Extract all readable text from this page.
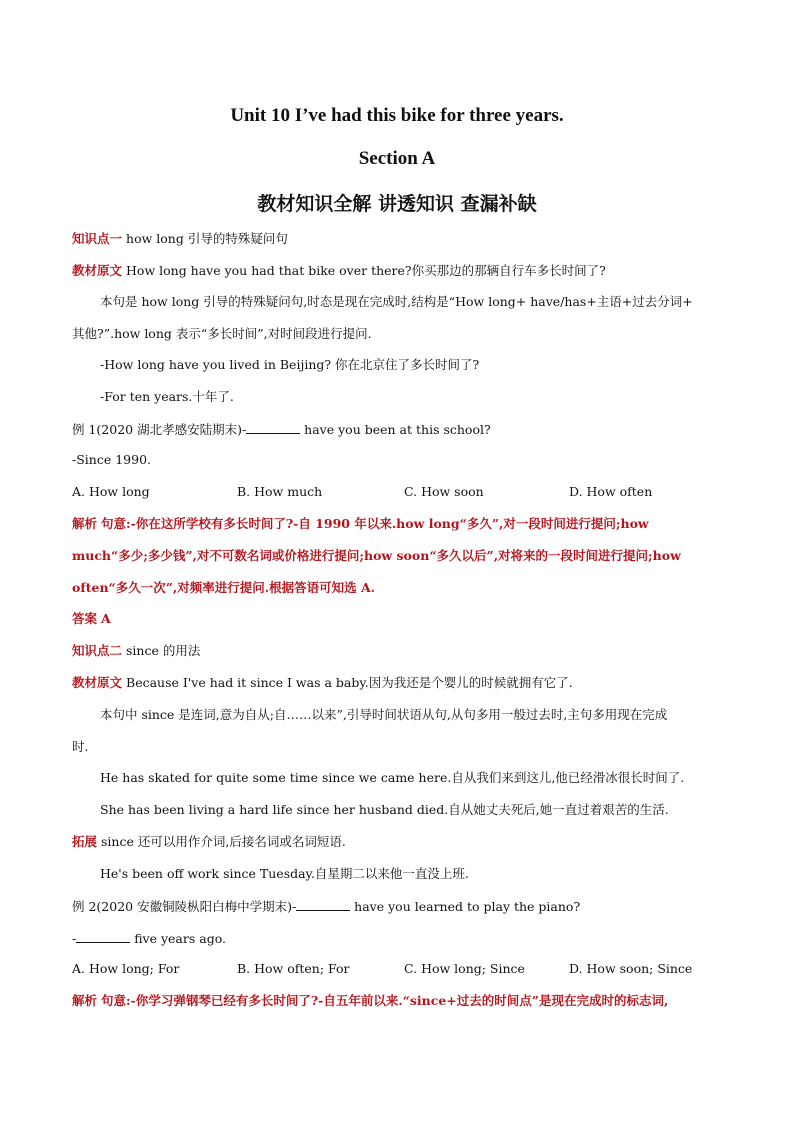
Unit 10 I’ve had this bike for three years.
Section A
教材知识全解 讲透知识 查漏补缺
知识点一 how long 引导的特殊疑问句
教材原文 How long have you had that bike over there?你买那边的那辆自行车多长时间了?
本句是 how long 引导的特殊疑问句,时态是现在完成时,结构是“How long+ have/has+主语+过去分词+
其他?”.how long 表示“多长时间”,对时间段进行提问.
-How long have you lived in Beijing? 你在北京住了多长时间了?
-For ten years.十年了.
例 1(2020 湖北孝感安陆期末)-	have you been at this school?
-Since 1990.
A. How long	B. How much	C. How soon	D. How often
解析 句意:-你在这所学校有多长时间了?-自 1990 年以来.how long“多久”,对一段时间进行提问;how
much“多少;多少钱”,对不可数名词或价格进行提问;how soon“多久以后”,对将来的一段时间进行提问;how
often“多久一次”,对频率进行提问.根据答语可知选 A.
答案 A
知识点二 since 的用法
教材原文 Because I've had it since I was a baby.因为我还是个婴儿的时候就拥有它了.
本句中 since 是连词,意为自从;自……以来”,引导时间状语从句,从句多用一般过去时,主句多用现在完成
时.
He has skated for quite some time since we came here.自从我们来到这儿,他已经滑冰很长时间了.
She has been living a hard life since her husband died.自从她丈夫死后,她一直过着艰苦的生活.
拓展 since 还可以用作介词,后接名词或名词短语.
He's been off work since Tuesday.自星期二以来他一直没上班.
例 2(2020 安徽铜陵枞阳白梅中学期末)-	have you learned to play the piano?
-	five years ago.
A. How long; For	B. How often; For	C. How long; Since	D. How soon; Since
解析 句意:-你学习弹钢琴已经有多长时间了?-自五年前以来.“since+过去的时间点”是现在完成时的标志词,
